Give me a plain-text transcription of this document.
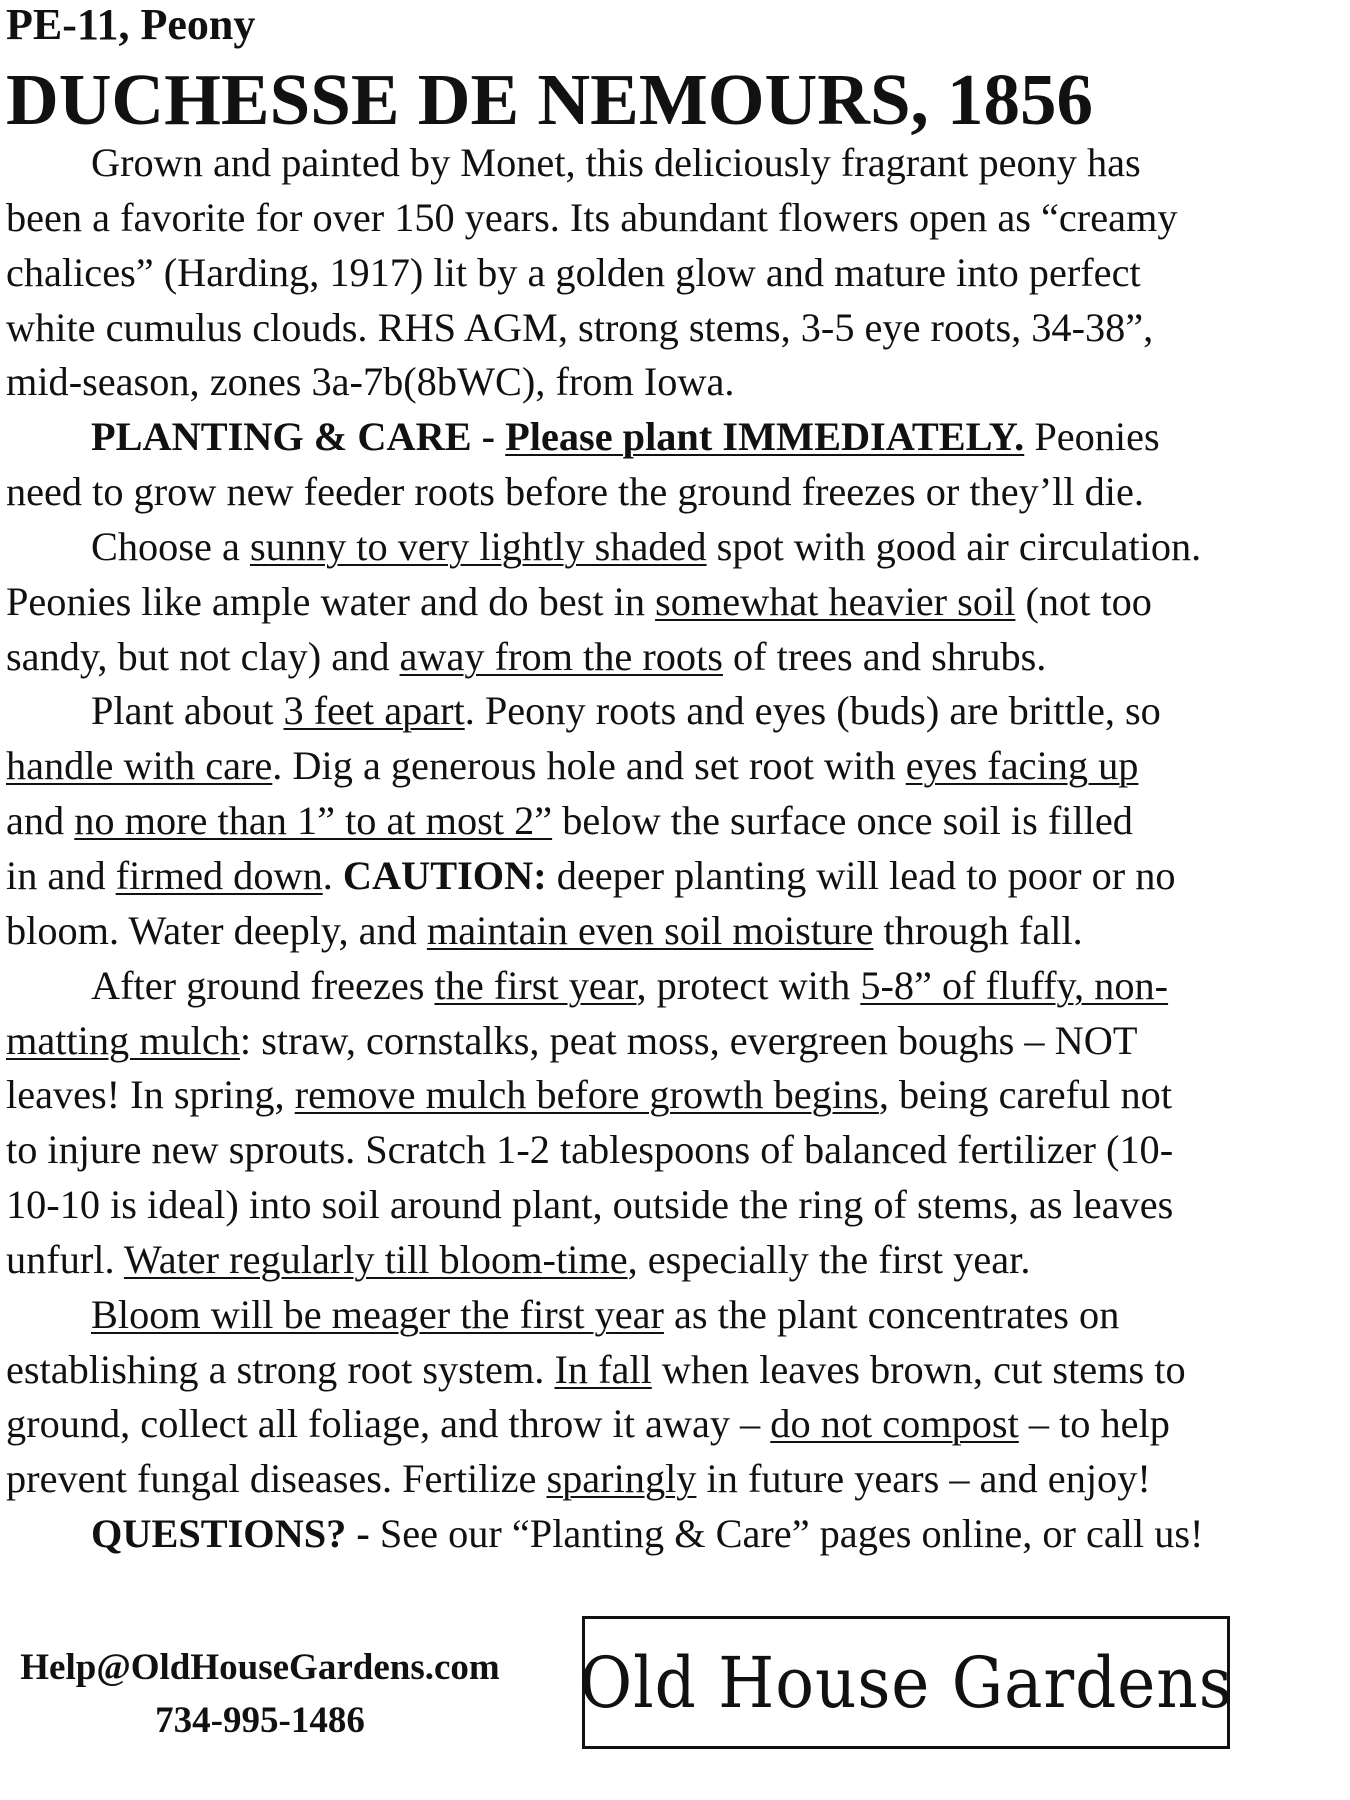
PE-11, Peony
DUCHESSE DE NEMOURS, 1856

Grown and painted by Monet, this deliciously fragrant peony has

been a favorite for over 150 years. Its abundant flowers open as “creamy

chalices” (Harding, 1917) lit by a golden glow and mature into perfect

white cumulus clouds. RHS AGM, strong stems, 3-5 eye roots, 34-38”,

mid-season, zones 3a-7b(8bWC), from Iowa.

PLANTING & CARE - Please plant IMMEDIATELY. Peonies

need to grow new feeder roots before the ground freezes or they’ll die.

Choose a sunny to very lightly shaded spot with good air circulation.

Peonies like ample water and do best in somewhat heavier soil (not too

sandy, but not clay) and away from the roots of trees and shrubs.

Plant about 3 feet apart. Peony roots and eyes (buds) are brittle, so

handle with care. Dig a generous hole and set root with eyes facing up

and no more than 1” to at most 2” below the surface once soil is filled

in and firmed down. CAUTION: deeper planting will lead to poor or no

bloom. Water deeply, and maintain even soil moisture through fall.

After ground freezes the first year, protect with 5-8” of fluffy, non-

matting mulch: straw, cornstalks, peat moss, evergreen boughs – NOT

leaves! In spring, remove mulch before growth begins, being careful not

to injure new sprouts. Scratch 1-2 tablespoons of balanced fertilizer (10-

10-10 is ideal) into soil around plant, outside the ring of stems, as leaves

unfurl. Water regularly till bloom-time, especially the first year.

Bloom will be meager the first year as the plant concentrates on

establishing a strong root system. In fall when leaves brown, cut stems to

ground, collect all foliage, and throw it away – do not compost – to help

prevent fungal diseases. Fertilize sparingly in future years – and enjoy!

QUESTIONS? - See our “Planting & Care” pages online, or call us!

Help@OldHouseGardens.com
734-995-1486	Old House Gardens
